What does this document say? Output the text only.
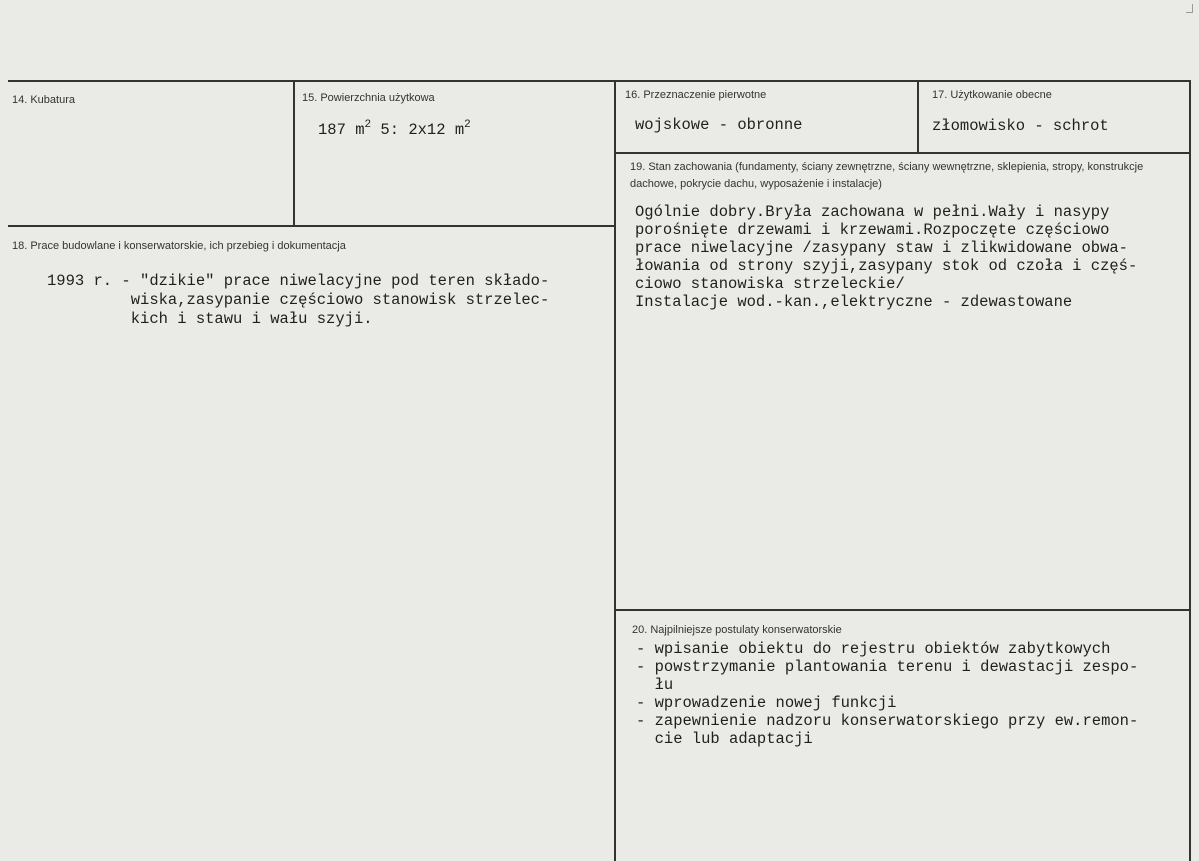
14. Kubatura	15. Powierzchnia użytkowa
187 $m^2$ 5: 2x12 $m^2$
16. Przeznaczenie pierwotne
wojskowe - obronne
17. Użytkowanie obecne
złomowisko - schrot
18. Prace budowlane i konserwatorskie, ich przebieg i dokumentacja
1993 r. - "dzikie" prace niwelacyjne pod teren składo-
wiska,zasypanie częściowo stanowisk strzelec-
kich i stawu i wału szyji.
19. Stan zachowania (fundamenty, ściany zewnętrzne, ściany wewnętrzne, sklepienia, stropy, konstrukcje dachowe, pokrycie dachu, wyposażenie i instalacje)
Ogólnie dobry.Bryła zachowana w pełni.Wały i nasypy
porośnięte drzewami i krzewami.Rozpoczęte częściowo
prace niwelacyjne /zasypany staw i zlikwidowane obwa-
łowania od strony szyji,zasypany stok od czoła i częś-
ciowo stanowiska strzeleckie/
Instalacje wod.-kan.,elektryczne - zdewastowane
20. Najpilniejsze postulaty konserwatorskie
- wpisanie obiektu do rejestru obiektów zabytkowych
- powstrzymanie plantowania terenu i dewastacji zespo-
łu
- wprowadzenie nowej funkcji
- zapewnienie nadzoru konserwatorskiego przy ew.remon-
cie lub adaptacji
